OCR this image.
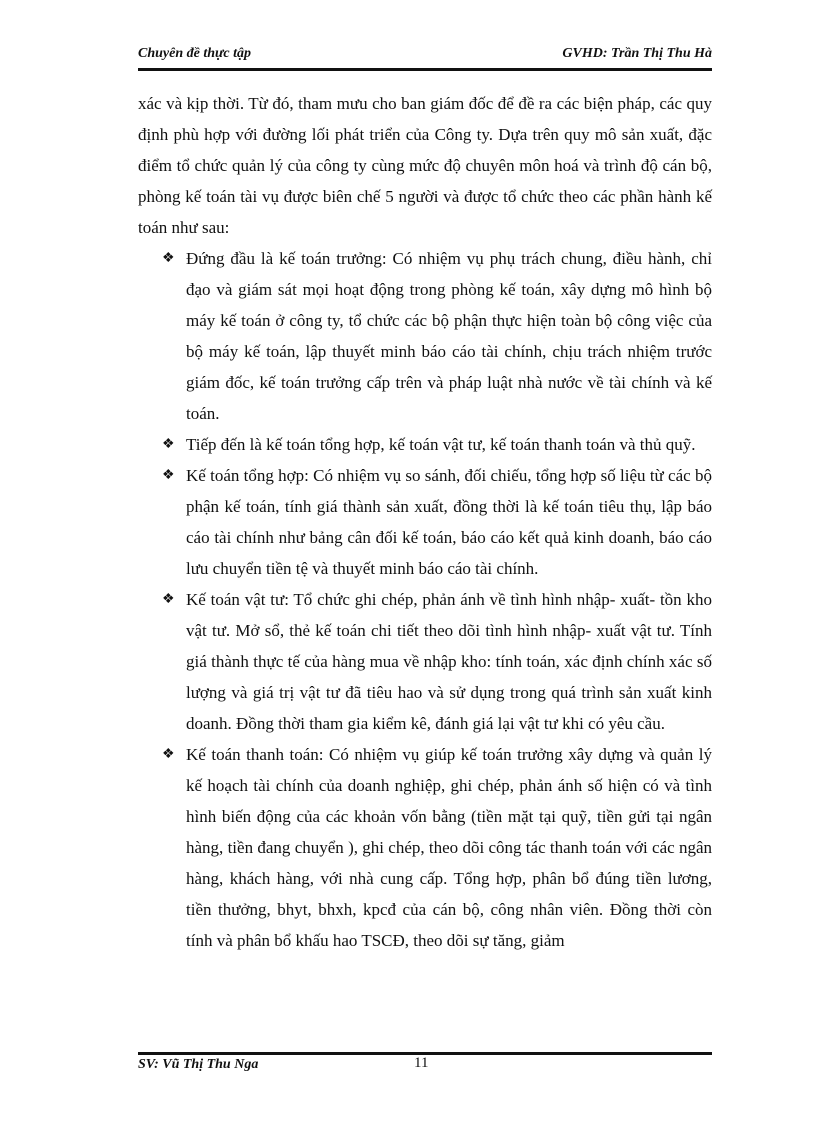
Chuyên đề thực tập	GVHD: Trần Thị Thu Hà

xác và kịp thời. Từ đó, tham mưu cho ban giám đốc để đề ra các biện pháp, các quy định phù hợp với đường lối phát triển của Công ty. Dựa trên quy mô sản xuất, đặc điểm tổ chức quản lý của công ty cùng mức độ chuyên môn hoá và trình độ cán bộ, phòng kế toán tài vụ được biên chế 5 người và được tổ chức theo các phần hành kế toán như sau:

❖ Đứng đầu là kế toán trưởng: Có nhiệm vụ phụ trách chung, điều hành, chỉ đạo và giám sát mọi hoạt động trong phòng kế toán, xây dựng mô hình bộ máy kế toán ở công ty, tổ chức các bộ phận thực hiện toàn bộ công việc của bộ máy kế toán, lập thuyết minh báo cáo tài chính, chịu trách nhiệm trước giám đốc, kế toán trưởng cấp trên và pháp luật nhà nước về tài chính và kế toán.
❖ Tiếp đến là kế toán tổng hợp, kế toán vật tư, kế toán thanh toán và thủ quỹ.
❖ Kế toán tổng hợp: Có nhiệm vụ so sánh, đối chiếu, tổng hợp số liệu từ các bộ phận kế toán, tính giá thành sản xuất, đồng thời là kế toán tiêu thụ, lập báo cáo tài chính như bảng cân đối kế toán, báo cáo kết quả kinh doanh, báo cáo lưu chuyển tiền tệ và thuyết minh báo cáo tài chính.
❖ Kế toán vật tư: Tổ chức ghi chép, phản ánh về tình hình nhập- xuất- tồn kho vật tư. Mở sổ, thẻ kế toán chi tiết theo dõi tình hình nhập- xuất vật tư. Tính giá thành thực tế của hàng mua về nhập kho: tính toán, xác định chính xác số lượng và giá trị vật tư đã tiêu hao và sử dụng trong quá trình sản xuất kinh doanh. Đồng thời tham gia kiểm kê, đánh giá lại vật tư khi có yêu cầu.
❖ Kế toán thanh toán: Có nhiệm vụ giúp kế toán trưởng xây dựng và quản lý kế hoạch tài chính của doanh nghiệp, ghi chép, phản ánh số hiện có và tình hình biến động của các khoản vốn bằng (tiền mặt tại quỹ, tiền gửi tại ngân hàng, tiền đang chuyển ), ghi chép, theo dõi công tác thanh toán với các ngân hàng, khách hàng, với nhà cung cấp. Tổng hợp, phân bổ đúng tiền lương, tiền thưởng, bhyt, bhxh, kpcđ của cán bộ, công nhân viên. Đồng thời còn tính và phân bổ khấu hao TSCĐ, theo dõi sự tăng, giảm
SV: Vũ Thị Thu Nga	11
